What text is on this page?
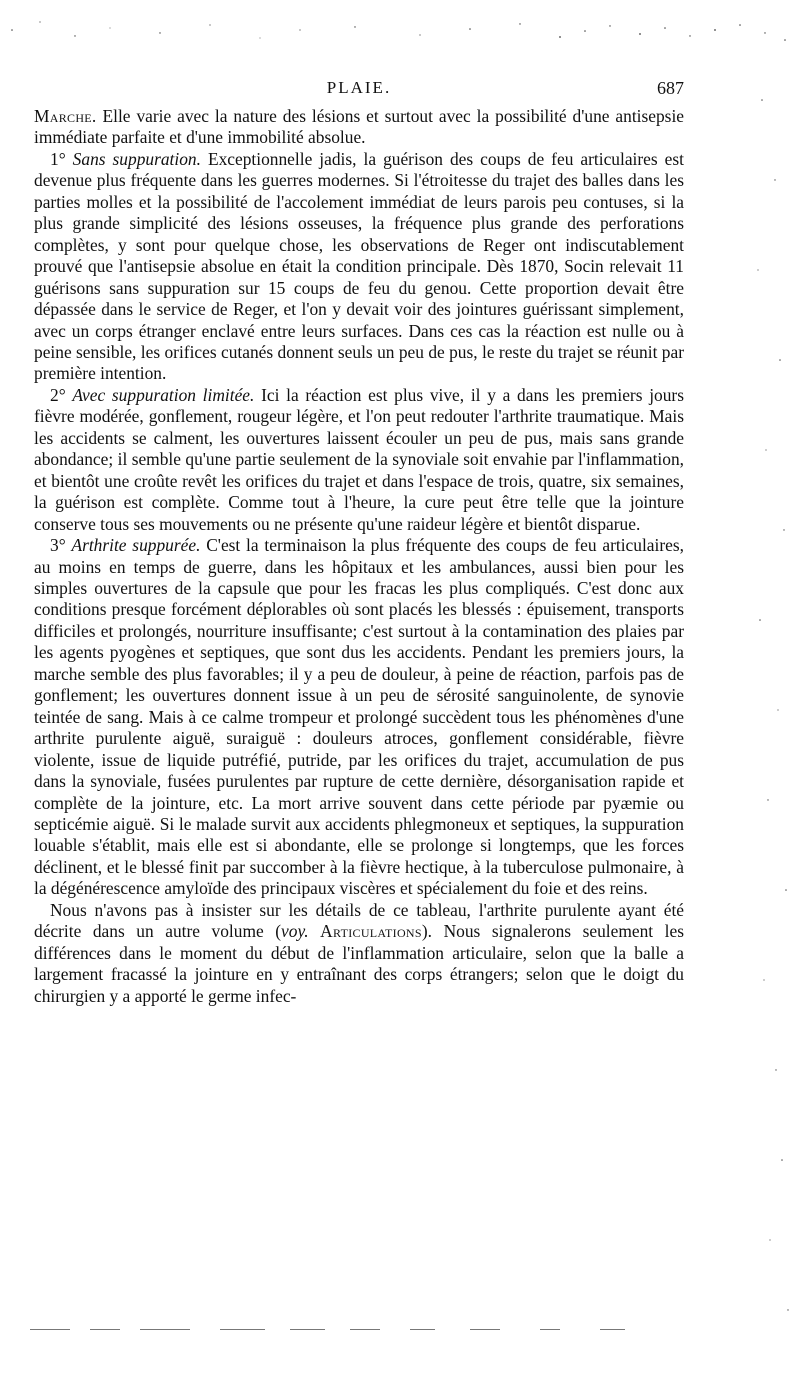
PLAIE.	687

Marche. Elle varie avec la nature des lésions et surtout avec la possibilité d'une antisepsie immédiate parfaite et d'une immobilité absolue.

1° Sans suppuration. Exceptionnelle jadis, la guérison des coups de feu articulaires est devenue plus fréquente dans les guerres modernes. Si l'étroitesse du trajet des balles dans les parties molles et la possibilité de l'accolement immédiat de leurs parois peu contuses, si la plus grande simplicité des lésions osseuses, la fréquence plus grande des perforations complètes, y sont pour quelque chose, les observations de Reger ont indiscutablement prouvé que l'antisepsie absolue en était la condition principale. Dès 1870, Socin relevait 11 guérisons sans suppuration sur 15 coups de feu du genou. Cette proportion devait être dépassée dans le service de Reger, et l'on y devait voir des jointures guérissant simplement, avec un corps étranger enclavé entre leurs surfaces. Dans ces cas la réaction est nulle ou à peine sensible, les orifices cutanés donnent seuls un peu de pus, le reste du trajet se réunit par première intention.

2° Avec suppuration limitée. Ici la réaction est plus vive, il y a dans les premiers jours fièvre modérée, gonflement, rougeur légère, et l'on peut redouter l'arthrite traumatique. Mais les accidents se calment, les ouvertures laissent écouler un peu de pus, mais sans grande abondance; il semble qu'une partie seulement de la synoviale soit envahie par l'inflammation, et bientôt une croûte revêt les orifices du trajet et dans l'espace de trois, quatre, six semaines, la guérison est complète. Comme tout à l'heure, la cure peut être telle que la jointure conserve tous ses mouvements ou ne présente qu'une raideur légère et bientôt disparue.

3° Arthrite suppurée. C'est la terminaison la plus fréquente des coups de feu articulaires, au moins en temps de guerre, dans les hôpitaux et les ambulances, aussi bien pour les simples ouvertures de la capsule que pour les fracas les plus compliqués. C'est donc aux conditions presque forcément déplorables où sont placés les blessés : épuisement, transports difficiles et prolongés, nourriture insuffisante; c'est surtout à la contamination des plaies par les agents pyogènes et septiques, que sont dus les accidents. Pendant les premiers jours, la marche semble des plus favorables; il y a peu de douleur, à peine de réaction, parfois pas de gonflement; les ouvertures donnent issue à un peu de sérosité sanguinolente, de synovie teintée de sang. Mais à ce calme trompeur et prolongé succèdent tous les phénomènes d'une arthrite purulente aiguë, suraiguë : douleurs atroces, gonflement considérable, fièvre violente, issue de liquide putréfié, putride, par les orifices du trajet, accumulation de pus dans la synoviale, fusées purulentes par rupture de cette dernière, désorganisation rapide et complète de la jointure, etc. La mort arrive souvent dans cette période par pyæmie ou septicémie aiguë. Si le malade survit aux accidents phlegmoneux et septiques, la suppuration louable s'établit, mais elle est si abondante, elle se prolonge si longtemps, que les forces déclinent, et le blessé finit par succomber à la fièvre hectique, à la tuberculose pulmonaire, à la dégénérescence amyloïde des principaux viscères et spécialement du foie et des reins.

Nous n'avons pas à insister sur les détails de ce tableau, l'arthrite purulente ayant été décrite dans un autre volume (voy. Articulations). Nous signalerons seulement les différences dans le moment du début de l'inflammation articulaire, selon que la balle a largement fracassé la jointure en y entraînant des corps étrangers; selon que le doigt du chirurgien y a apporté le germe infec-
